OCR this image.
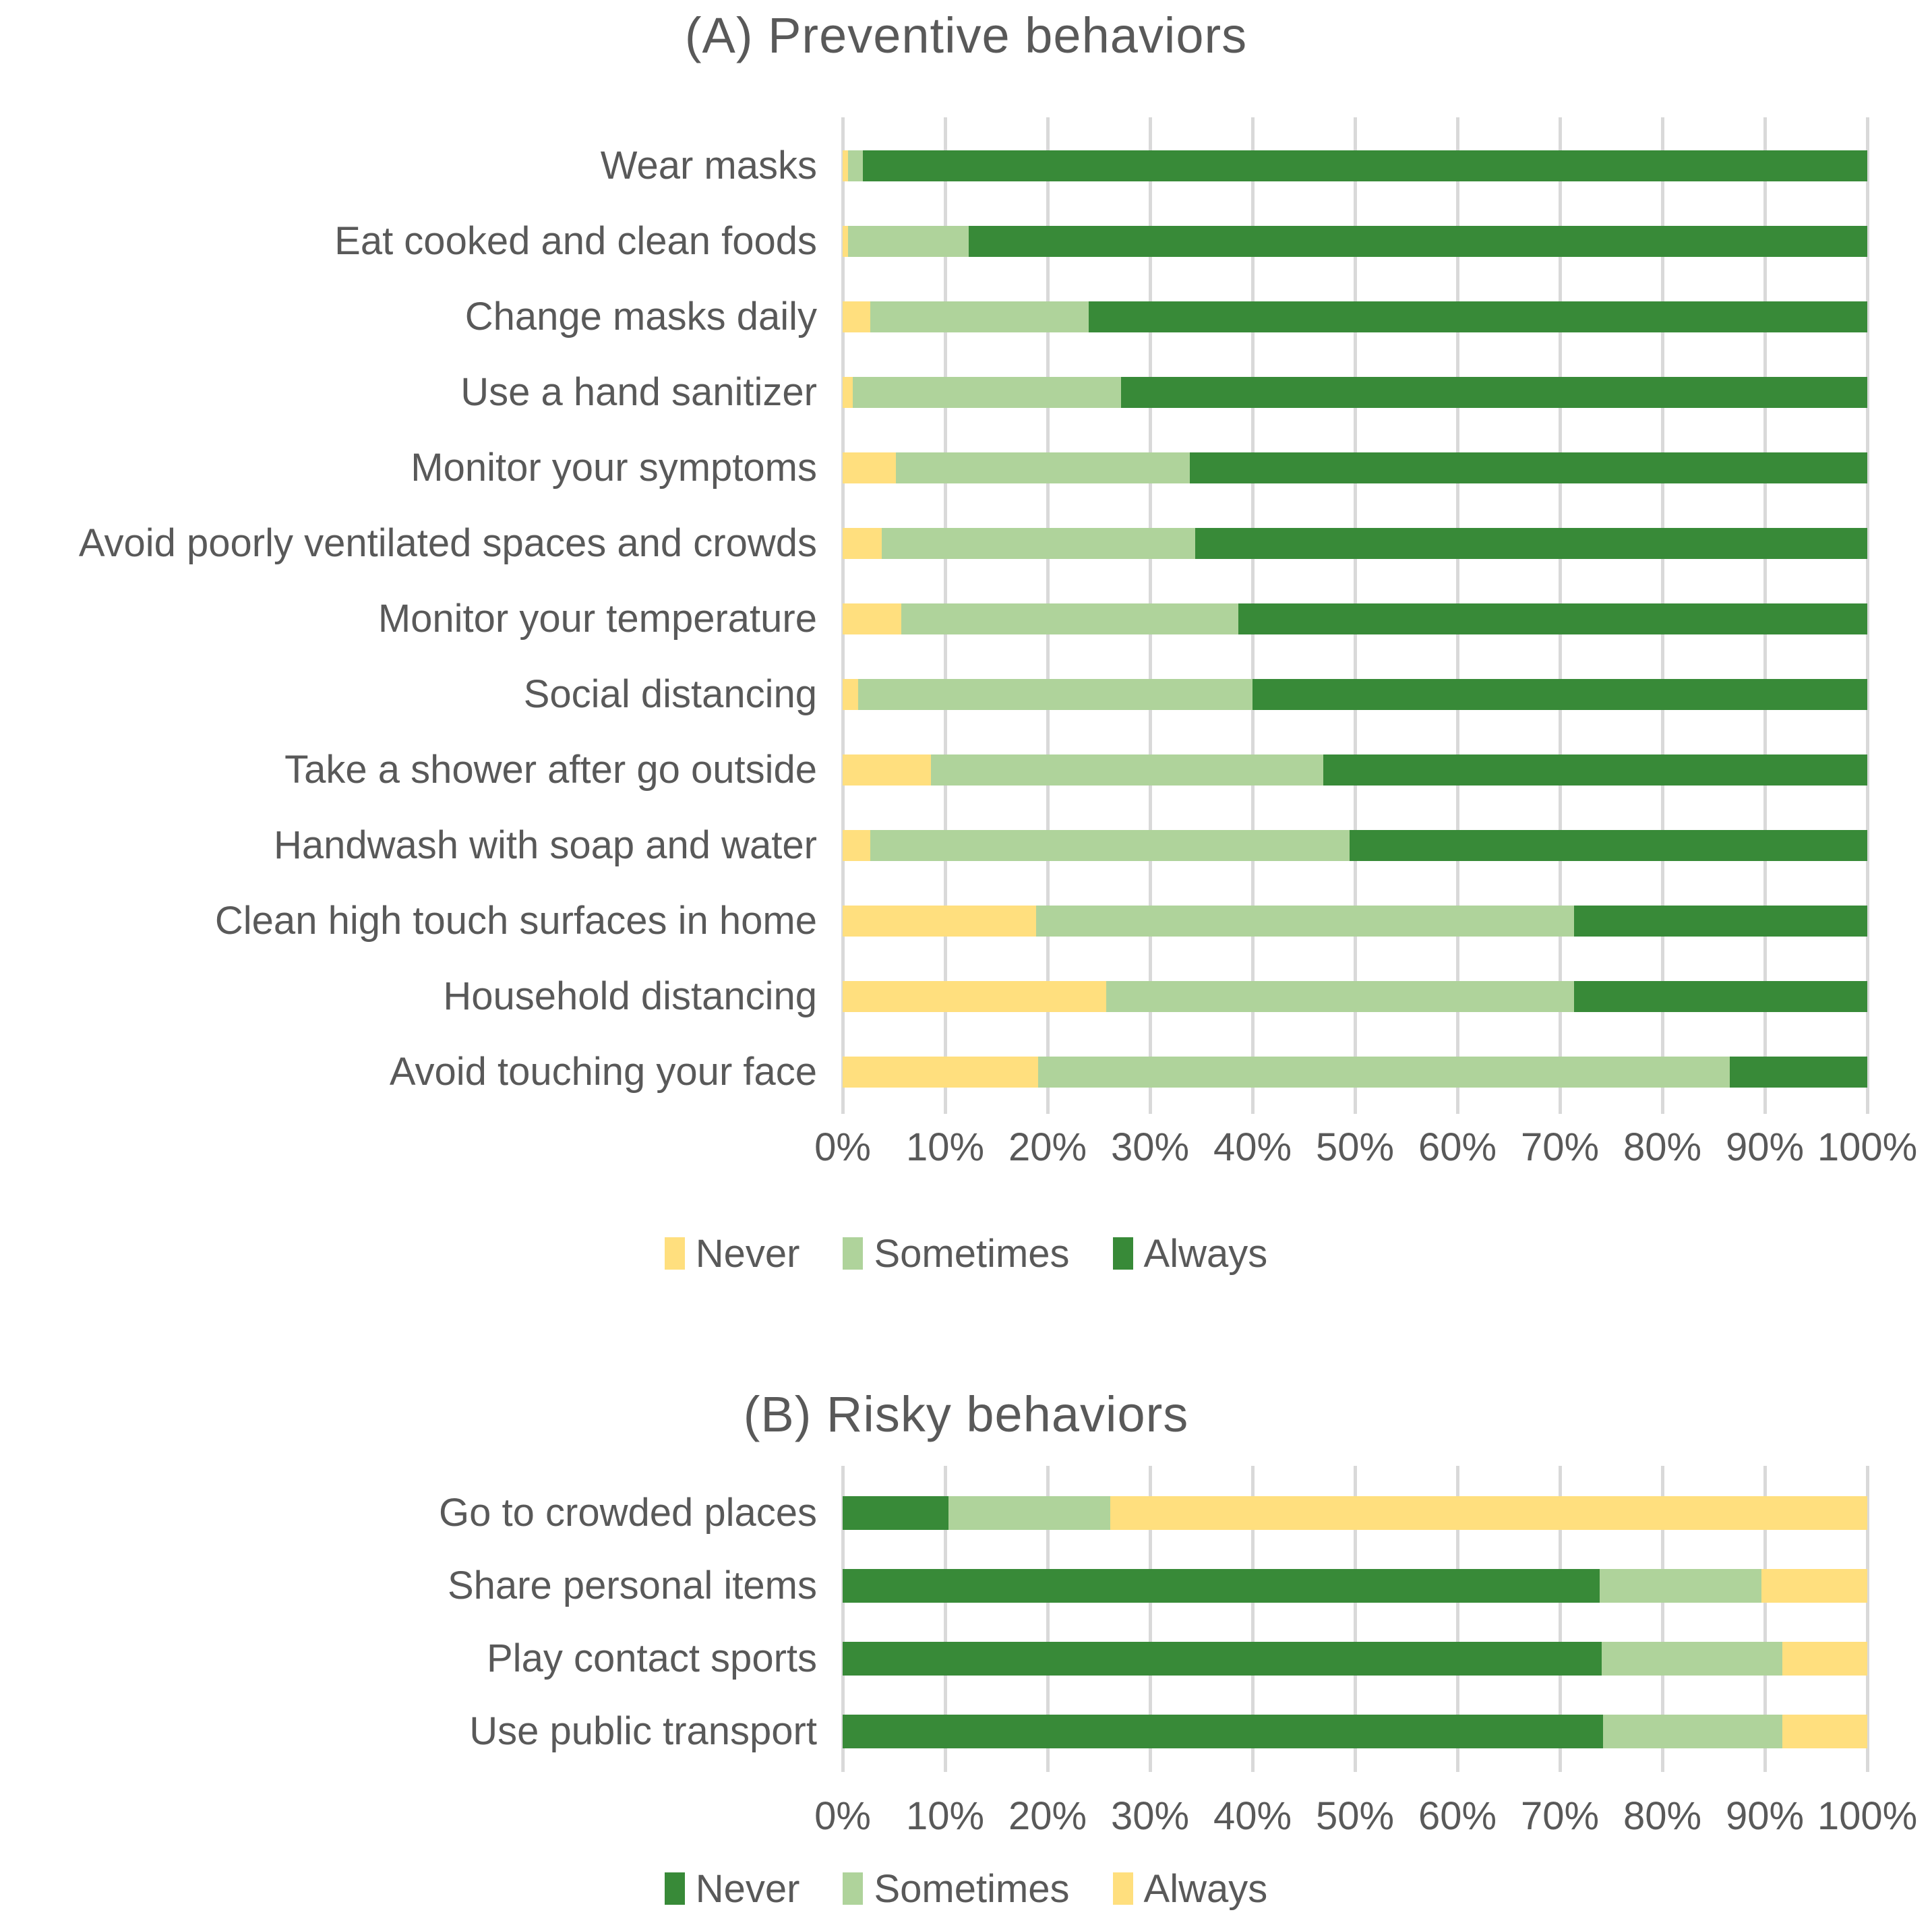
(A) Preventive behaviors
Wear masks
Eat cooked and clean foods
Change masks daily
Use a hand sanitizer
Monitor your symptoms
Avoid poorly ventilated spaces and crowds
Monitor your temperature
Social distancing
Take a shower after go outside
Handwash with soap and water
Clean high touch surfaces in home
Household distancing
Avoid touching your face
0% 10% 20% 30% 40% 50% 60% 70% 80% 90% 100%
Never Sometimes Always
(B) Risky behaviors
Go to crowded places
Share personal items
Play contact sports
Use public transport
0% 10% 20% 30% 40% 50% 60% 70% 80% 90% 100%
Never Sometimes Always
